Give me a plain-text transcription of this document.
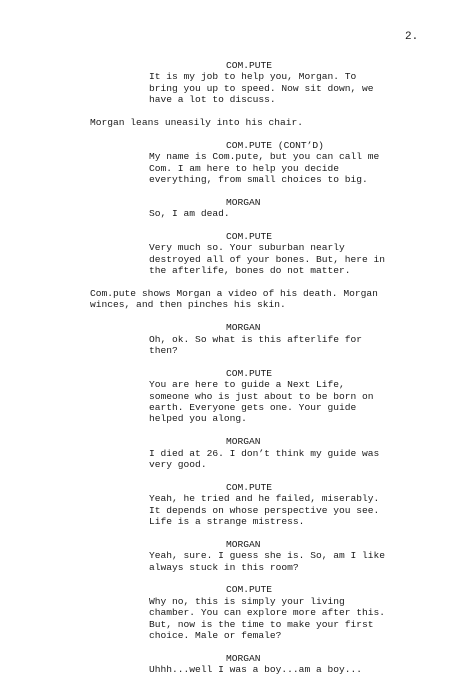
2.
COM.PUTE
It is my job to help you, Morgan. To
bring you up to speed. Now sit down, we
have a lot to discuss.
Morgan leans uneasily into his chair.
COM.PUTE (CONT’D)
My name is Com.pute, but you can call me
Com. I am here to help you decide
everything, from small choices to big.
MORGAN
So, I am dead.
COM.PUTE
Very much so. Your suburban nearly
destroyed all of your bones. But, here in
the afterlife, bones do not matter.
Com.pute shows Morgan a video of his death. Morgan
winces, and then pinches his skin.
MORGAN
Oh, ok. So what is this afterlife for
then?
COM.PUTE
You are here to guide a Next Life,
someone who is just about to be born on
earth. Everyone gets one. Your guide
helped you along.
MORGAN
I died at 26. I don’t think my guide was
very good.
COM.PUTE
Yeah, he tried and he failed, miserably.
It depends on whose perspective you see.
Life is a strange mistress.
MORGAN
Yeah, sure. I guess she is. So, am I like
always stuck in this room?
COM.PUTE
Why no, this is simply your living
chamber. You can explore more after this.
But, now is the time to make your first
choice. Male or female?
MORGAN
Uhhh...well I was a boy...am a boy...
